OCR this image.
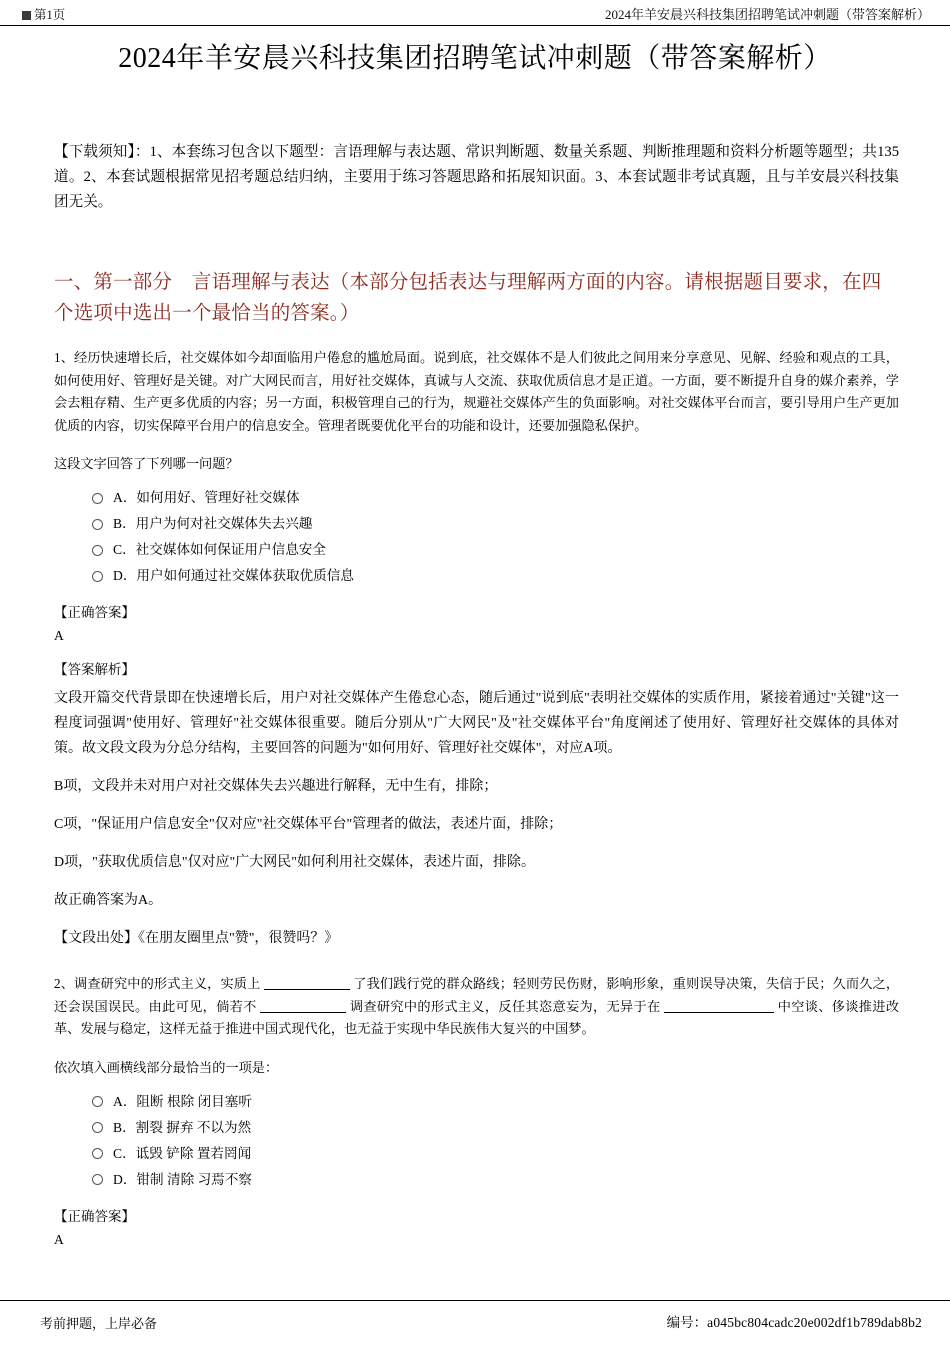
第1页	2024年羊安晨兴科技集团招聘笔试冲刺题（带答案解析）
2024年羊安晨兴科技集团招聘笔试冲刺题（带答案解析）
【下载须知】：1、本套练习包含以下题型：言语理解与表达题、常识判断题、数量关系题、判断推理题和资料分析题等题型；共135道。2、本套试题根据常见招考题总结归纳，主要用于练习答题思路和拓展知识面。3、本套试题非考试真题，且与羊安晨兴科技集团无关。
一、第一部分　言语理解与表达（本部分包括表达与理解两方面的内容。请根据题目要求，在四个选项中选出一个最恰当的答案。）
1、经历快速增长后，社交媒体如今却面临用户倦怠的尴尬局面。说到底，社交媒体不是人们彼此之间用来分享意见、见解、经验和观点的工具，如何使用好、管理好是关键。对广大网民而言，用好社交媒体，真诚与人交流、获取优质信息才是正道。一方面，要不断提升自身的媒介素养，学会去粗存精、生产更多优质的内容；另一方面，积极管理自己的行为，规避社交媒体产生的负面影响。对社交媒体平台而言，要引导用户生产更加优质的内容，切实保障平台用户的信息安全。管理者既要优化平台的功能和设计，还要加强隐私保护。
这段文字回答了下列哪一问题？
A． 如何用好、管理好社交媒体
B． 用户为何对社交媒体失去兴趣
C． 社交媒体如何保证用户信息安全
D． 用户如何通过社交媒体获取优质信息
【正确答案】
A
【答案解析】
文段开篇交代背景即在快速增长后，用户对社交媒体产生倦怠心态，随后通过"说到底"表明社交媒体的实质作用，紧接着通过"关键"这一程度词强调"使用好、管理好"社交媒体很重要。随后分别从"广大网民"及"社交媒体平台"角度阐述了使用好、管理好社交媒体的具体对策。故文段文段为分总分结构，主要回答的问题为"如何用好、管理好社交媒体"，对应A项。
B项，文段并未对用户对社交媒体失去兴趣进行解释，无中生有，排除；
C项，"保证用户信息安全"仅对应"社交媒体平台"管理者的做法，表述片面，排除；
D项，"获取优质信息"仅对应"广大网民"如何利用社交媒体，表述片面，排除。
故正确答案为A。
【文段出处】《在朋友圈里点"赞"，很赞吗？》
2、调查研究中的形式主义，实质上	了我们践行党的群众路线；轻则劳民伤财，影响形象，重则误导决策，失信于民；久而久之，还会误国误民。由此可见，倘若不	调查研究中的形式主义，反任其恣意妄为，无异于在	中空谈、侈谈推进改革、发展与稳定，这样无益于推进中国式现代化，也无益于实现中华民族伟大复兴的中国梦。
依次填入画横线部分最恰当的一项是：
A． 阻断 根除 闭目塞听
B． 割裂 摒弃 不以为然
C． 诋毁 铲除 置若罔闻
D． 钳制 清除 习焉不察
【正确答案】
A
考前押题，上岸必备	编号：a045bc804cadc20e002df1b789dab8b2
